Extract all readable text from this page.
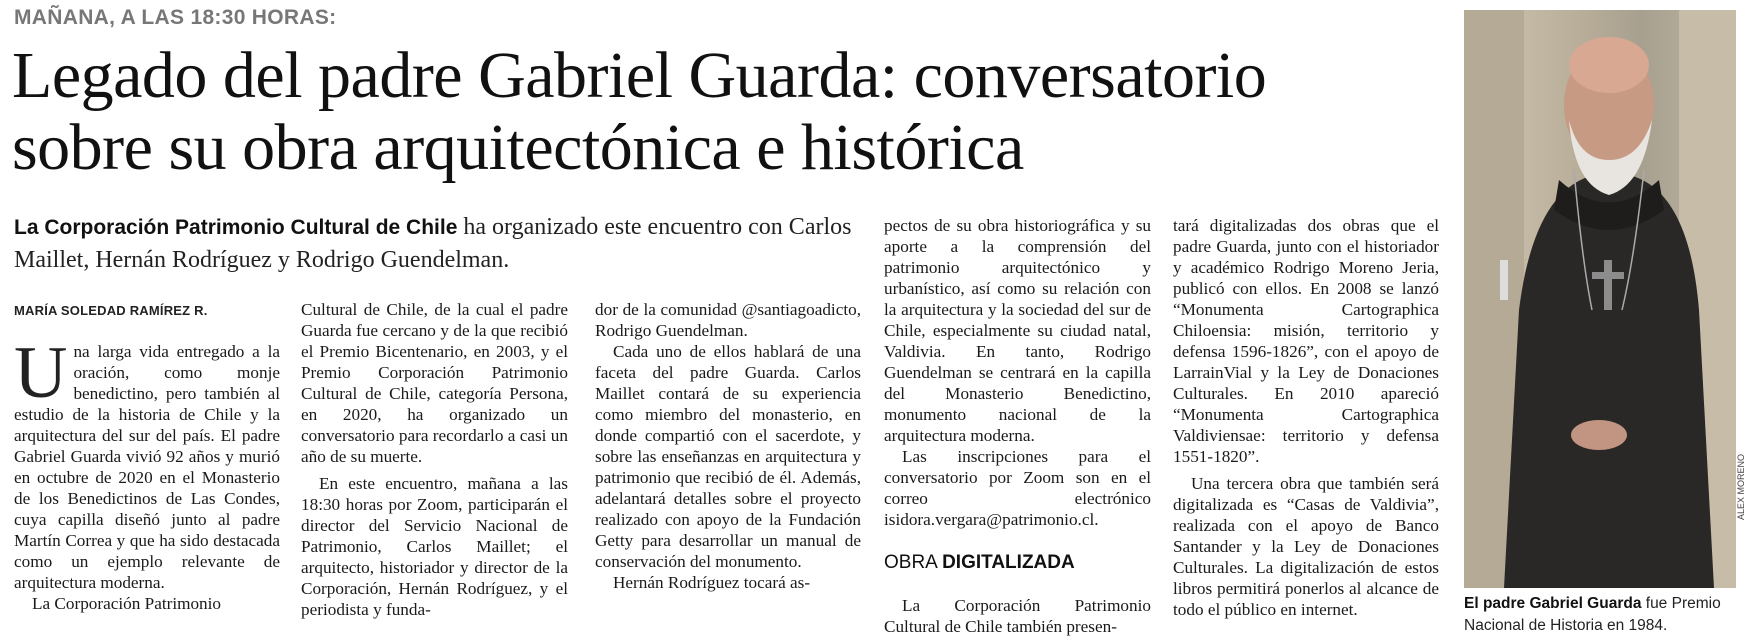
MAÑANA, A LAS 18:30 HORAS:
Legado del padre Gabriel Guarda: conversatorio
sobre su obra arquitectónica e histórica
La Corporación Patrimonio Cultural de Chile ha organizado este encuentro con Carlos Maillet, Hernán Rodríguez y Rodrigo Guendelman.
MARÍA SOLEDAD RAMÍREZ R.

Una larga vida entregado a la oración, como monje benedictino, pero también al estudio de la historia de Chile y la arquitectura del sur del país. El padre Gabriel Guarda vivió 92 años y murió en octubre de 2020 en el Monasterio de los Benedictinos de Las Condes, cuya capilla diseñó junto al padre Martín Correa y que ha sido destacada como un ejemplo relevante de arquitectura moderna.

La Corporación Patrimonio

Cultural de Chile, de la cual el padre Guarda fue cercano y de la que recibió el Premio Bicentenario, en 2003, y el Premio Corporación Patrimonio Cultural de Chile, categoría Persona, en 2020, ha organizado un conversatorio para recordarlo a casi un año de su muerte.

En este encuentro, mañana a las 18:30 horas por Zoom, participarán el director del Servicio Nacional de Patrimonio, Carlos Maillet; el arquitecto, historiador y director de la Corporación, Hernán Rodríguez, y el periodista y funda-

dor de la comunidad @santiagoadicto, Rodrigo Guendelman.

Cada uno de ellos hablará de una faceta del padre Guarda. Carlos Maillet contará de su experiencia como miembro del monasterio, en donde compartió con el sacerdote, y sobre las enseñanzas en arquitectura y patrimonio que recibió de él. Además, adelantará detalles sobre el proyecto realizado con apoyo de la Fundación Getty para desarrollar un manual de conservación del monumento.

Hernán Rodríguez tocará as-

pectos de su obra historiográfica y su aporte a la comprensión del patrimonio arquitectónico y urbanístico, así como su relación con la arquitectura y la sociedad del sur de Chile, especialmente su ciudad natal, Valdivia. En tanto, Rodrigo Guendelman se centrará en la capilla del Monasterio Benedictino, monumento nacional de la arquitectura moderna.

Las inscripciones para el conversatorio por Zoom son en el correo electrónico isidora.vergara@patrimonio.cl.

OBRA DIGITALIZADA

La Corporación Patrimonio Cultural de Chile también presen-

tará digitalizadas dos obras que el padre Guarda, junto con el historiador y académico Rodrigo Moreno Jeria, publicó con ellos. En 2008 se lanzó “Monumenta Cartographica Chiloensia: misión, territorio y defensa 1596-1826”, con el apoyo de LarrainVial y la Ley de Donaciones Culturales. En 2010 apareció “Monumenta Cartographica Valdiviensae: territorio y defensa 1551-1820”.

Una tercera obra que también será digitalizada es “Casas de Valdivia”, realizada con el apoyo de Banco Santander y la Ley de Donaciones Culturales. La digitalización de estos libros permitirá ponerlos al alcance de todo el público en internet.

ALEX MORENO
El padre Gabriel Guarda fue Premio Nacional de Historia en 1984.
